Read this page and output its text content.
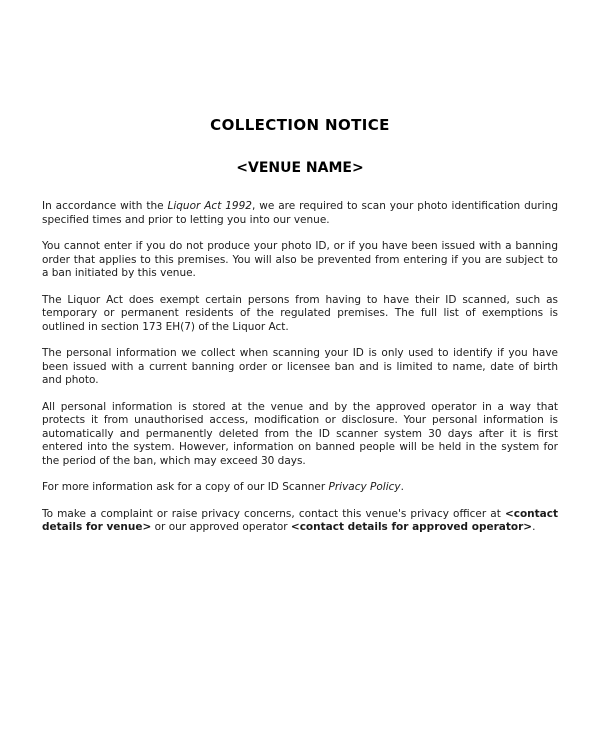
COLLECTION NOTICE
<VENUE NAME>

In accordance with the Liquor Act 1992, we are required to scan your photo identification during specified times and prior to letting you into our venue.

You cannot enter if you do not produce your photo ID, or if you have been issued with a banning order that applies to this premises. You will also be prevented from entering if you are subject to a ban initiated by this venue.

The Liquor Act does exempt certain persons from having to have their ID scanned, such as temporary or permanent residents of the regulated premises. The full list of exemptions is outlined in section 173 EH(7) of the Liquor Act.

The personal information we collect when scanning your ID is only used to identify if you have been issued with a current banning order or licensee ban and is limited to name, date of birth and photo.

All personal information is stored at the venue and by the approved operator in a way that protects it from unauthorised access, modification or disclosure. Your personal information is automatically and permanently deleted from the ID scanner system 30 days after it is first entered into the system. However, information on banned people will be held in the system for the period of the ban, which may exceed 30 days.

For more information ask for a copy of our ID Scanner Privacy Policy.

To make a complaint or raise privacy concerns, contact this venue's privacy officer at <contact details for venue> or our approved operator <contact details for approved operator>.
